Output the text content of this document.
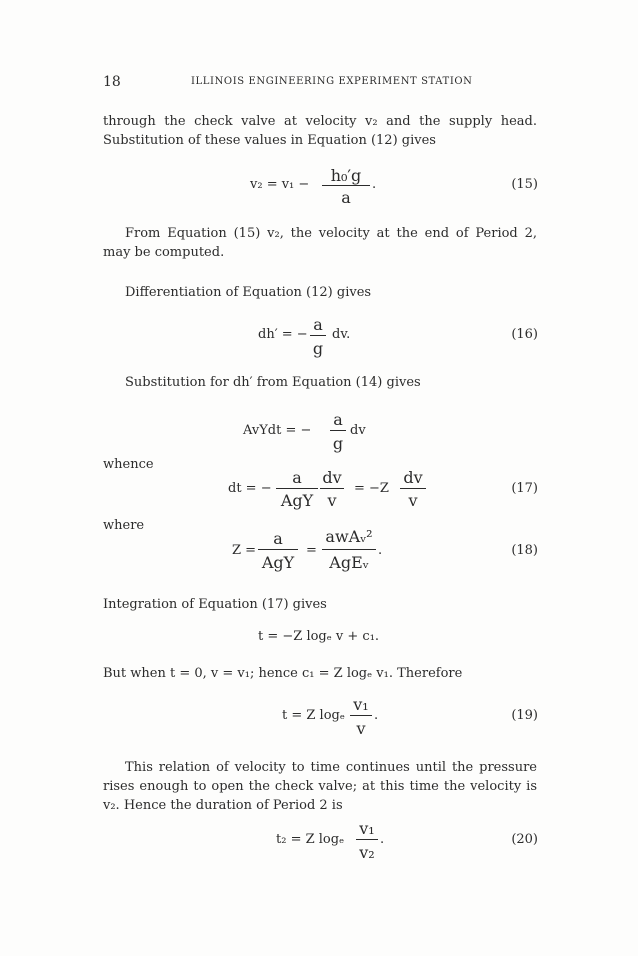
18	ILLINOIS ENGINEERING EXPERIMENT STATION
through the check valve at velocity v₂ and the supply head. Substitution of these values in Equation (12) gives
v₂ = v₁ −	h₀′g
a
.	(15)
From Equation (15) v₂, the velocity at the end of Period 2, may be computed.
Differentiation of Equation (12) gives
dh′ = −
a
g
dv.	(16)
Substitution for dh′ from Equation (14) gives
AvYdt = −
a
g
dv
whence
dt = −
a
AgY
dv
v
= −Z
dv
v
(17)
where
Z =
a
AgY
=
awAᵥ²
AgEᵥ
.	(18)
Integration of Equation (17) gives
t = −Z logₑ v + c₁.
But when t = 0, v = v₁; hence c₁ = Z logₑ v₁. Therefore
t = Z logₑ
v₁
v
.	(19)
This relation of velocity to time continues until the pressure rises enough to open the check valve; at this time the velocity is v₂. Hence the duration of Period 2 is
t₂ = Z logₑ
v₁
v₂
.	(20)
